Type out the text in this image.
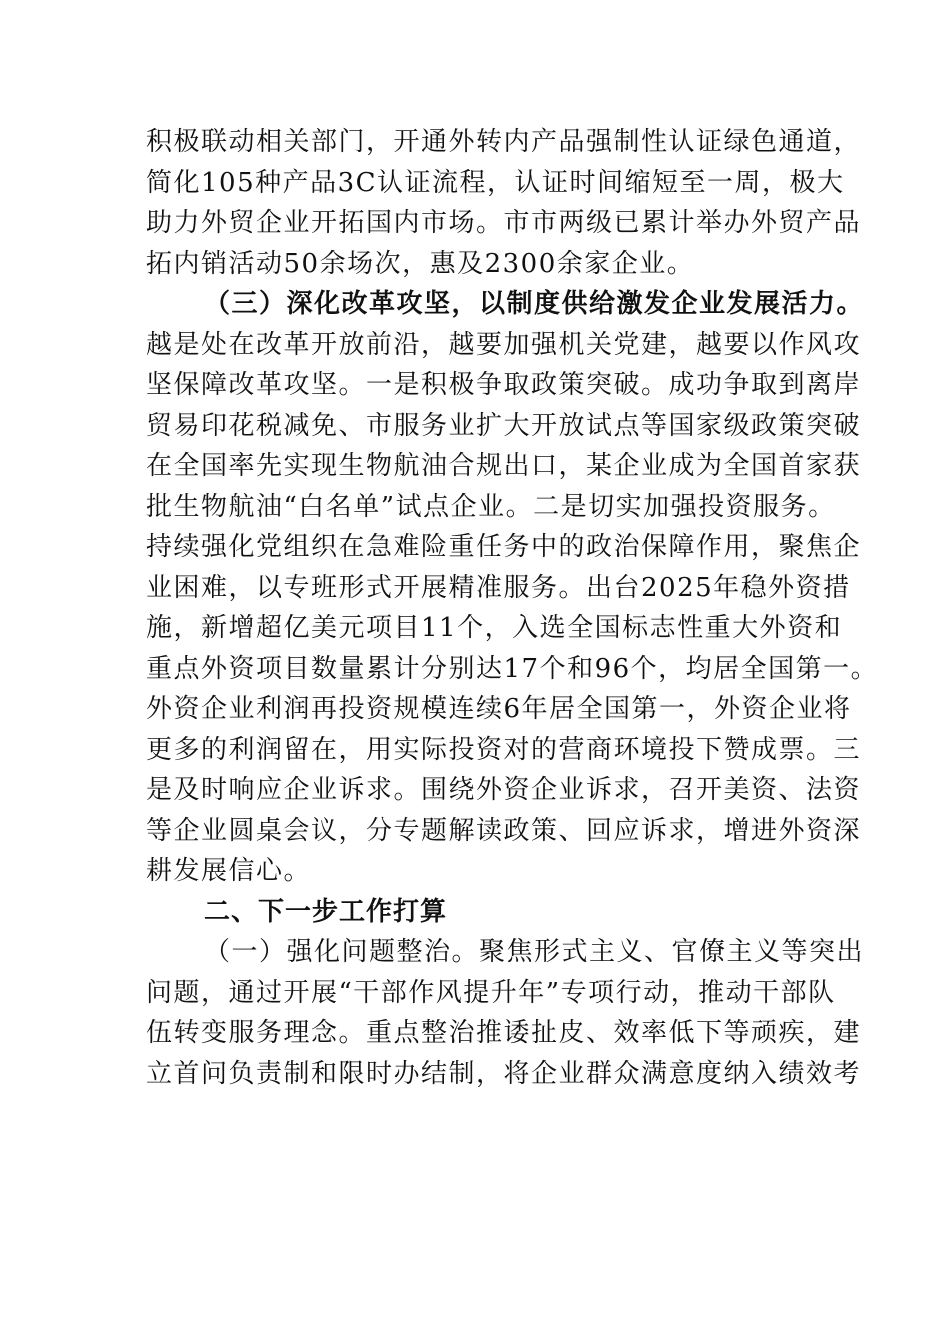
积极联动相关部门，开通外转内产品强制性认证绿色通道，
简化105种产品3C认证流程，认证时间缩短至一周，极大
助力外贸企业开拓国内市场。市市两级已累计举办外贸产品
拓内销活动50余场次，惠及2300余家企业。
（三）深化改革攻坚，以制度供给激发企业发展活力。
越是处在改革开放前沿，越要加强机关党建，越要以作风攻
坚保障改革攻坚。一是积极争取政策突破。成功争取到离岸
贸易印花税减免、市服务业扩大开放试点等国家级政策突破
在全国率先实现生物航油合规出口，某企业成为全国首家获
批生物航油“白名单”试点企业。二是切实加强投资服务。
持续强化党组织在急难险重任务中的政治保障作用，聚焦企
业困难，以专班形式开展精准服务。出台2025年稳外资措
施，新增超亿美元项目11个，入选全国标志性重大外资和
重点外资项目数量累计分别达17个和96个，均居全国第一。
外资企业利润再投资规模连续6年居全国第一，外资企业将
更多的利润留在，用实际投资对的营商环境投下赞成票。三
是及时响应企业诉求。围绕外资企业诉求，召开美资、法资
等企业圆桌会议，分专题解读政策、回应诉求，增进外资深
耕发展信心。
二、下一步工作打算
（一）强化问题整治。聚焦形式主义、官僚主义等突出
问题，通过开展“干部作风提升年”专项行动，推动干部队
伍转变服务理念。重点整治推诿扯皮、效率低下等顽疾，建
立首问负责制和限时办结制，将企业群众满意度纳入绩效考
